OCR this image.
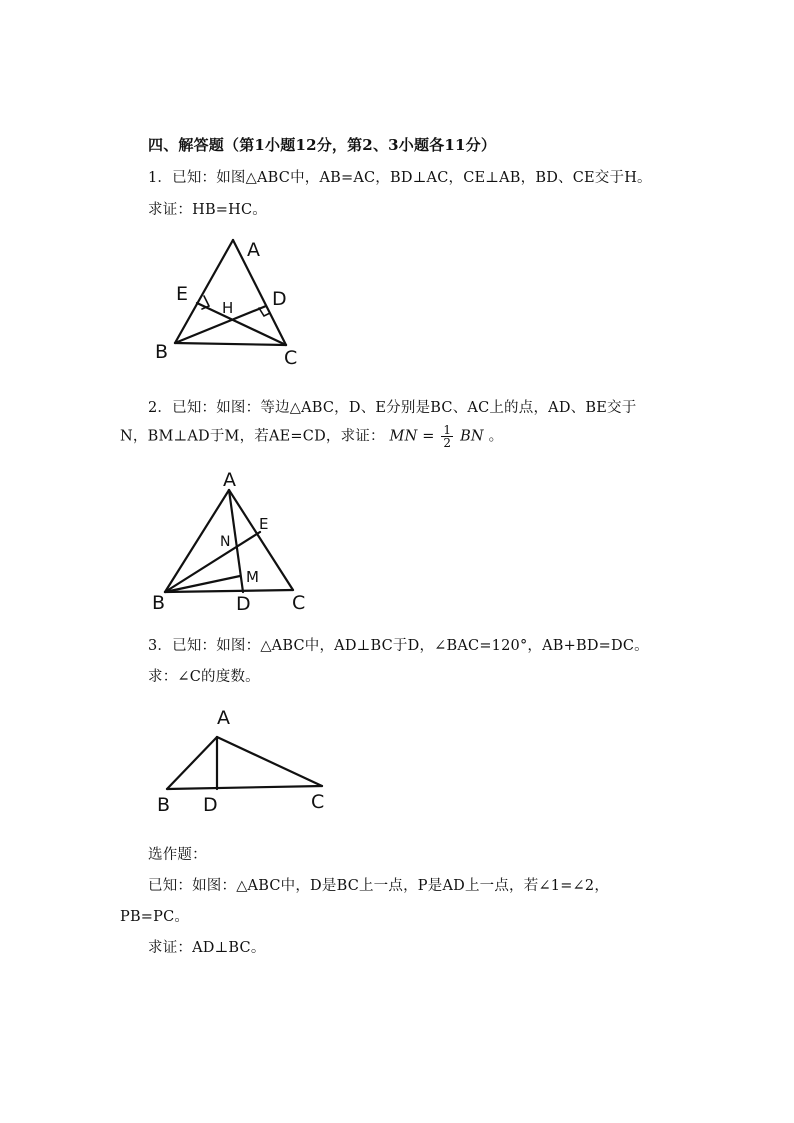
四、解答题（第1小题12分，第2、3小题各11分）
1．已知：如图△ABC中，AB=AC，BD⊥AC，CE⊥AB，BD、CE交于H。
求证：HB=HC。
A
E
H D
B	C
2．已知：如图：等边△ABC，D、E分别是BC、AC上的点，AD、BE交于
N，BM⊥AD于M，若AE=CD，求证： MN = $\frac{1}{2}$ BN 。
A
E
N
M
B	D C
3．已知：如图：△ABC中，AD⊥BC于D，∠BAC=120°，AB+BD=DC。
求：∠C的度数。
A
B D	C
选作题：
已知：如图：△ABC中，D是BC上一点，P是AD上一点，若∠1=∠2，
PB=PC。
求证：AD⊥BC。
